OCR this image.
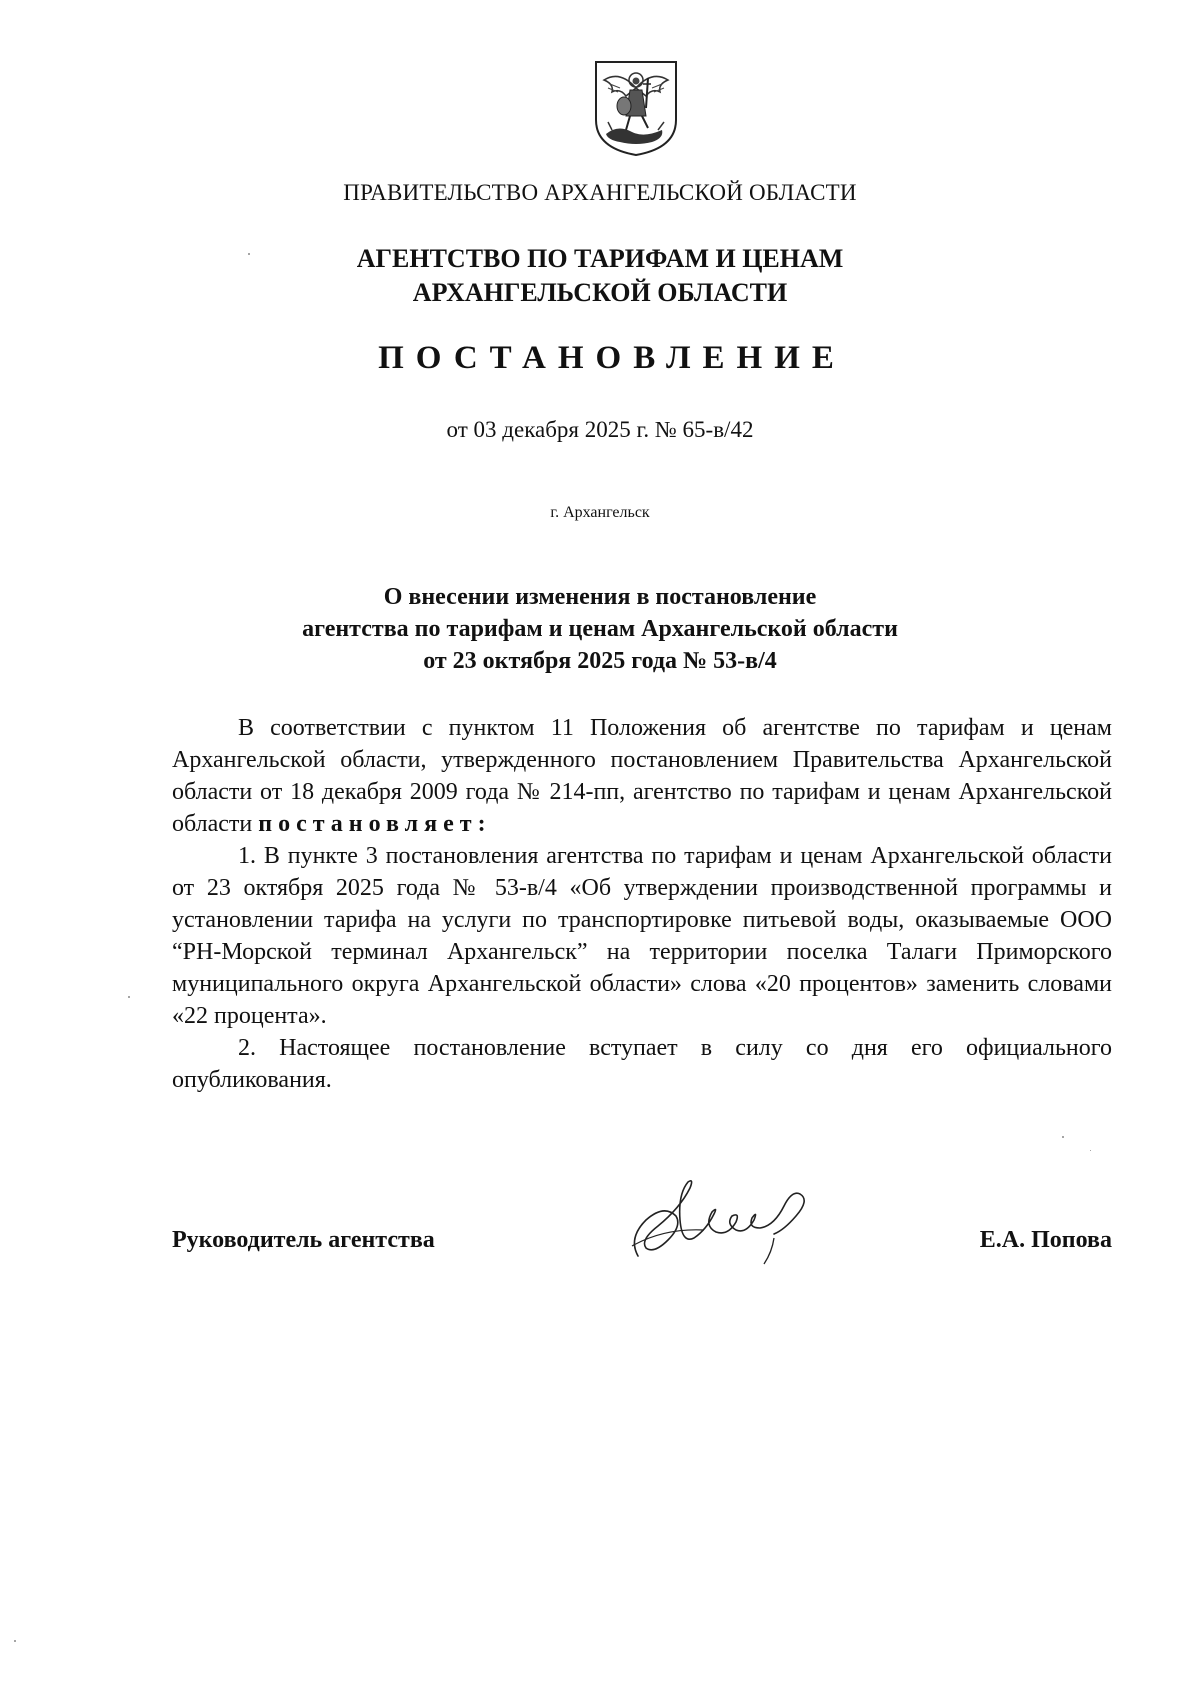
ПРАВИТЕЛЬСТВО АРХАНГЕЛЬСКОЙ ОБЛАСТИ
АГЕНТСТВО ПО ТАРИФАМ И ЦЕНАМ
АРХАНГЕЛЬСКОЙ ОБЛАСТИ
ПОСТАНОВЛЕНИЕ
от 03 декабря 2025 г. № 65-в/42
г. Архангельск
О внесении изменения в постановление
агентства по тарифам и ценам Архангельской области
от 23 октября 2025 года № 53-в/4

В соответствии с пунктом 11 Положения об агентстве по тарифам и ценам Архангельской области, утвержденного постановлением Правительства Архангельской области от 18 декабря 2009 года № 214-пп, агентство по тарифам и ценам Архангельской области постановляет:

1. В пункте 3 постановления агентства по тарифам и ценам Архангельской области от 23 октября 2025 года № 53-в/4 «Об утверждении производственной программы и установлении тарифа на услуги по транспортировке питьевой воды, оказываемые ООО “РН-Морской терминал Архангельск” на территории поселка Талаги Приморского муниципального округа Архангельской области» слова «20 процентов» заменить словами «22 процента».

2. Настоящее постановление вступает в силу со дня его официального опубликования.

Руководитель агентства	Е.А. Попова
